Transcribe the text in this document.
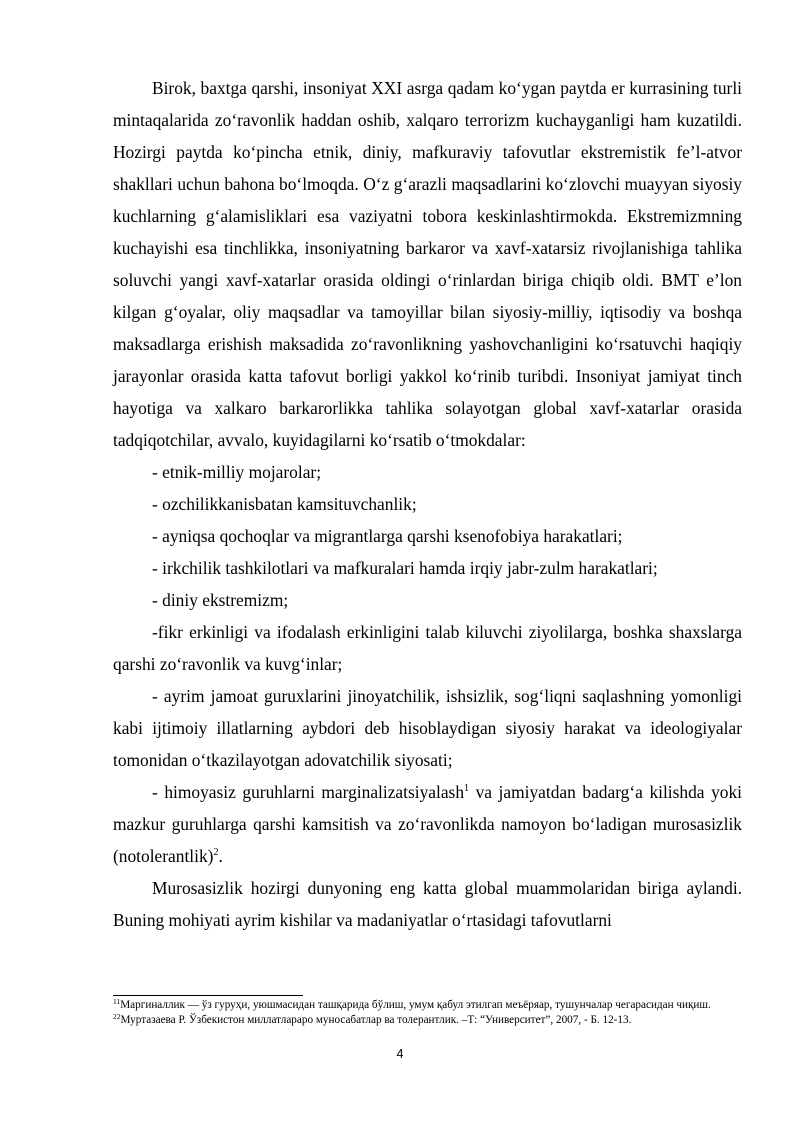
Birok, baxtga qarshi, insoniyat XXI asrga qadam ko‘ygan paytda er kurrasining turli mintaqalarida zo‘ravonlik haddan oshib, xalqaro terrorizm kuchayganligi ham kuzatildi. Hozirgi paytda ko‘pincha etnik, diniy, mafkuraviy tafovutlar ekstremistik fe’l-atvor shakllari uchun bahona bo‘lmoqda. O‘z g‘arazli maqsadlarini ko‘zlovchi muayyan siyosiy kuchlarning g‘alamisliklari esa vaziyatni tobora keskinlashtirmokda. Ekstremizmning kuchayishi esa tinchlikka, insoniyatning barkaror va xavf-xatarsiz rivojlanishiga tahlika soluvchi yangi xavf-xatarlar orasida oldingi o‘rinlardan biriga chiqib oldi. BMT e’lon kilgan g‘oyalar, oliy maqsadlar va tamoyillar bilan siyosiy-milliy, iqtisodiy va boshqa maksadlarga erishish maksadida zo‘ravonlikning yashovchanligini ko‘rsatuvchi haqiqiy jarayonlar orasida katta tafovut borligi yakkol ko‘rinib turibdi. Insoniyat jamiyat tinch hayotiga va xalkaro barkarorlikka tahlika solayotgan global xavf-xatarlar orasida tadqiqotchilar, avvalo, kuyidagilarni ko‘rsatib o‘tmokdalar:

- etnik-milliy mojarolar;

- ozchilikkanisbatan kamsituvchanlik;

- ayniqsa qochoqlar va migrantlarga qarshi ksenofobiya harakatlari;

- irkchilik tashkilotlari va mafkuralari hamda irqiy jabr-zulm harakatlari;

- diniy ekstremizm;

-fikr erkinligi va ifodalash erkinligini talab kiluvchi ziyolilarga, boshka shaxslarga qarshi zo‘ravonlik va kuvg‘inlar;

- ayrim jamoat guruxlarini jinoyatchilik, ishsizlik, sog‘liqni saqlashning yomonligi kabi ijtimoiy illatlarning aybdori deb hisoblaydigan siyosiy harakat va ideologiyalar tomonidan o‘tkazilayotgan adovatchilik siyosati;

- himoyasiz guruhlarni marginalizatsiyalash$^1$ va jamiyatdan badarg‘a kilishda yoki mazkur guruhlarga qarshi kamsitish va zo‘ravonlikda namoyon bo‘ladigan murosasizlik (notolerantlik)$^2$.

Murosasizlik hozirgi dunyoning eng katta global muammolaridan biriga aylandi. Buning mohiyati ayrim kishilar va madaniyatlar o‘rtasidagi tafovutlarni

$^{11}$Маргиналлик — ўз гуруҳи, уюшмасидан ташқарида бўлиш, умум қабул этилгап меъёряар, тушунчалар чегарасидан чиқиш.

$^{22}$Муртазаева Р. Ўзбекистон миллатлараро муносабатлар ва толерантлик. –Т: “Университет”, 2007, - Б. 12-13.

4
